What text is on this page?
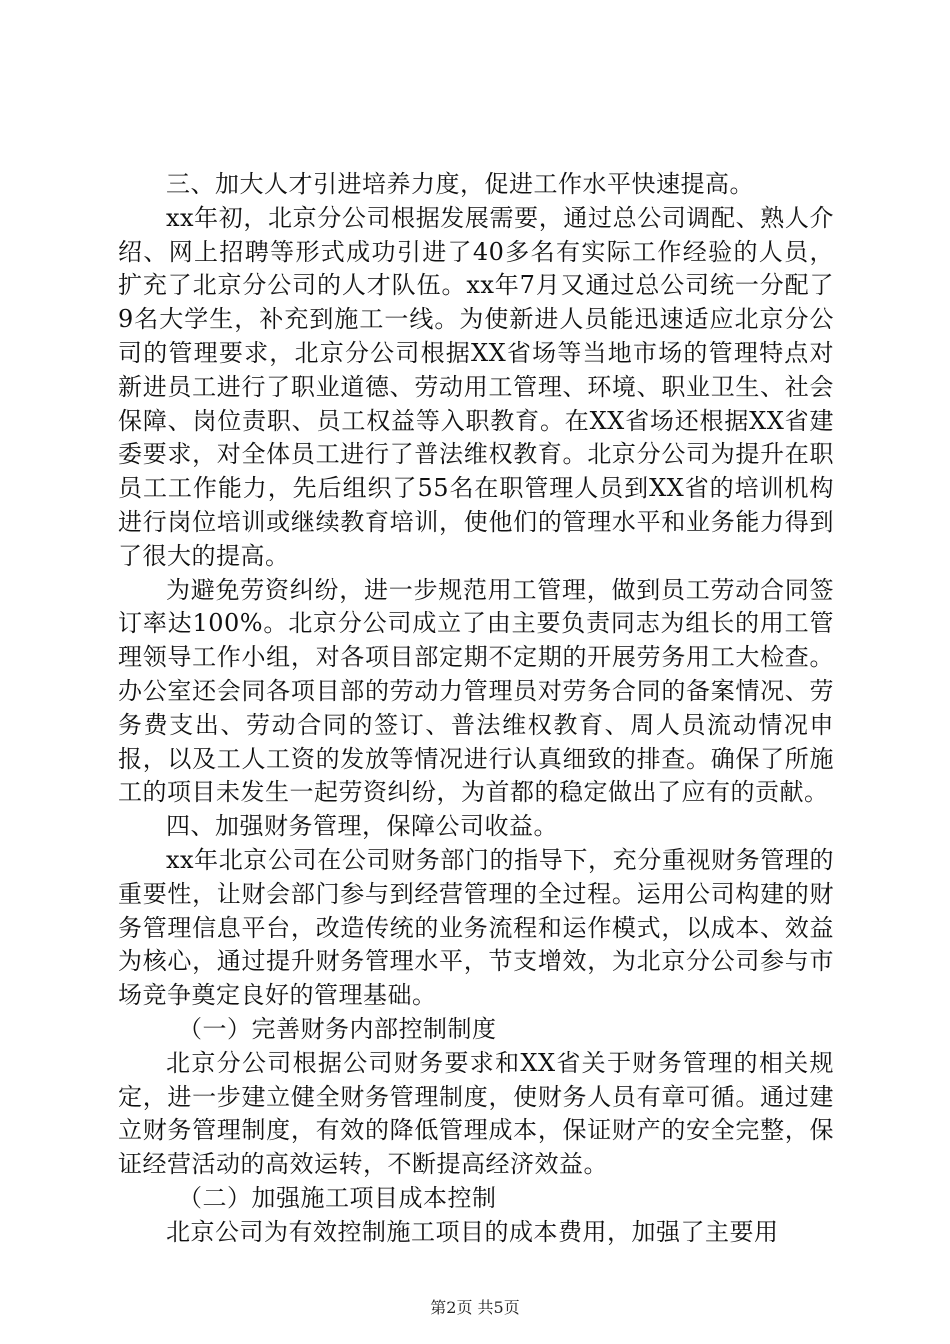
三、加大人才引进培养力度，促进工作水平快速提高。

xx年初，北京分公司根据发展需要，通过总公司调配、熟人介绍、网上招聘等形式成功引进了40多名有实际工作经验的人员，扩充了北京分公司的人才队伍。xx年7月又通过总公司统一分配了9名大学生，补充到施工一线。为使新进人员能迅速适应北京分公司的管理要求，北京分公司根据XX省场等当地市场的管理特点对新进员工进行了职业道德、劳动用工管理、环境、职业卫生、社会保障、岗位责职、员工权益等入职教育。在XX省场还根据XX省建委要求，对全体员工进行了普法维权教育。北京分公司为提升在职员工工作能力，先后组织了55名在职管理人员到XX省的培训机构进行岗位培训或继续教育培训，使他们的管理水平和业务能力得到了很大的提高。

为避免劳资纠纷，进一步规范用工管理，做到员工劳动合同签订率达100%。北京分公司成立了由主要负责同志为组长的用工管理领导工作小组，对各项目部定期不定期的开展劳务用工大检查。办公室还会同各项目部的劳动力管理员对劳务合同的备案情况、劳务费支出、劳动合同的签订、普法维权教育、周人员流动情况申报，以及工人工资的发放等情况进行认真细致的排查。确保了所施工的项目未发生一起劳资纠纷，为首都的稳定做出了应有的贡献。

四、加强财务管理，保障公司收益。

xx年北京公司在公司财务部门的指导下，充分重视财务管理的重要性，让财会部门参与到经营管理的全过程。运用公司构建的财务管理信息平台，改造传统的业务流程和运作模式，以成本、效益为核心，通过提升财务管理水平，节支增效，为北京分公司参与市场竞争奠定良好的管理基础。

（一）完善财务内部控制制度

北京分公司根据公司财务要求和XX省关于财务管理的相关规定，进一步建立健全财务管理制度，使财务人员有章可循。通过建立财务管理制度，有效的降低管理成本，保证财产的安全完整，保证经营活动的高效运转，不断提高经济效益。

（二）加强施工项目成本控制

北京公司为有效控制施工项目的成本费用，加强了主要用

第2页 共5页
